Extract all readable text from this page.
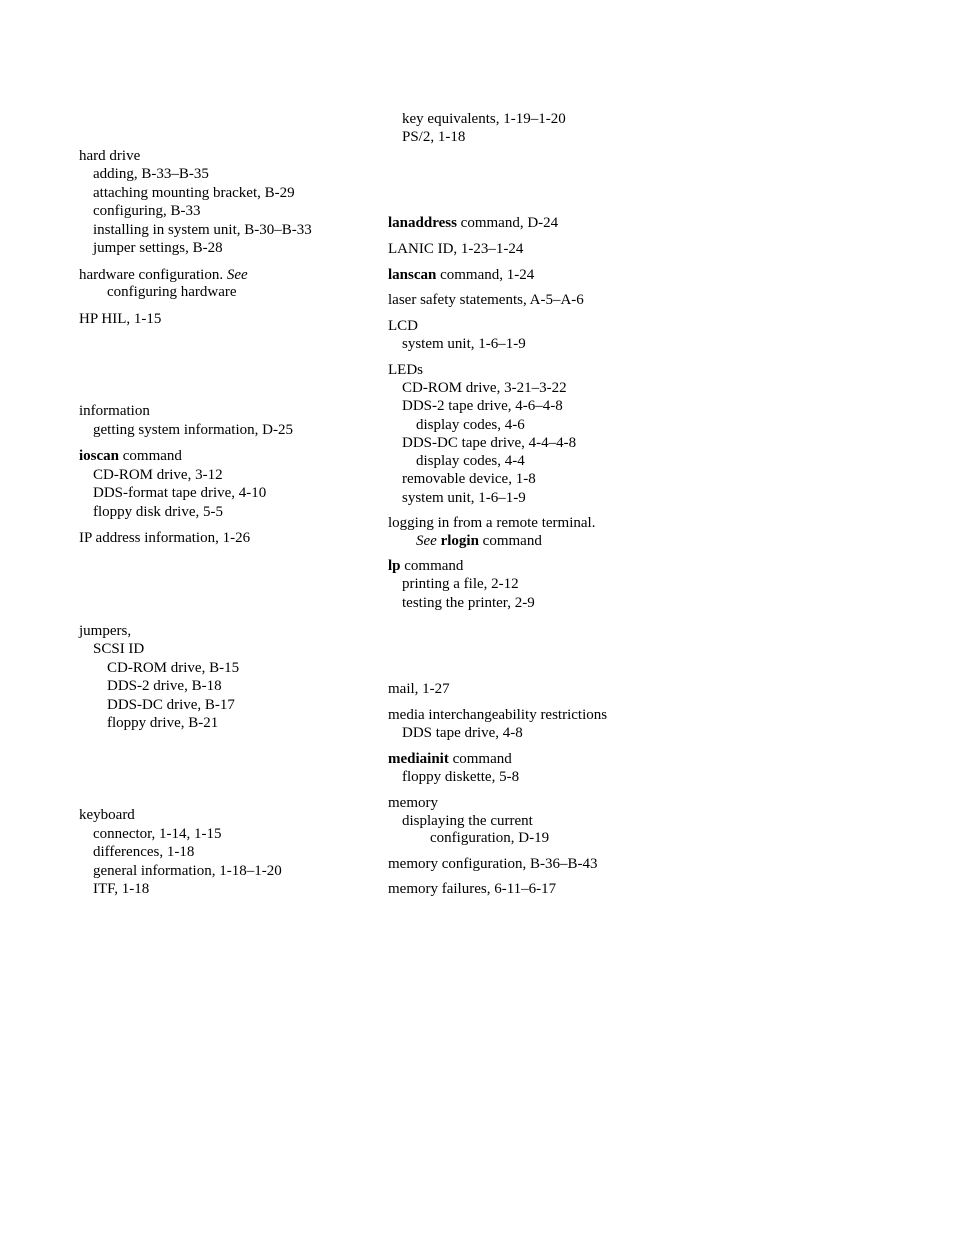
hard drive
adding, B-33–B-35
attaching mounting bracket, B-29
configuring, B-33
installing in system unit, B-30–B-33
jumper settings, B-28
hardware configuration. See
configuring hardware
HP HIL, 1-15
information
getting system information, D-25
ioscan command
CD-ROM drive, 3-12
DDS-format tape drive, 4-10
floppy disk drive, 5-5
IP address information, 1-26
jumpers,
SCSI ID
CD-ROM drive, B-15
DDS-2 drive, B-18
DDS-DC drive, B-17
floppy drive, B-21
keyboard
connector, 1-14, 1-15
differences, 1-18
general information, 1-18–1-20
ITF, 1-18
key equivalents, 1-19–1-20
PS/2, 1-18
lanaddress command, D-24
LANIC ID, 1-23–1-24
lanscan command, 1-24
laser safety statements, A-5–A-6
LCD
system unit, 1-6–1-9
LEDs
CD-ROM drive, 3-21–3-22
DDS-2 tape drive, 4-6–4-8
display codes, 4-6
DDS-DC tape drive, 4-4–4-8
display codes, 4-4
removable device, 1-8
system unit, 1-6–1-9
logging in from a remote terminal.
See rlogin command
lp command
printing a file, 2-12
testing the printer, 2-9
mail, 1-27
media interchangeability restrictions
DDS tape drive, 4-8
mediainit command
floppy diskette, 5-8
memory
displaying the current
configuration, D-19
memory configuration, B-36–B-43
memory failures, 6-11–6-17
